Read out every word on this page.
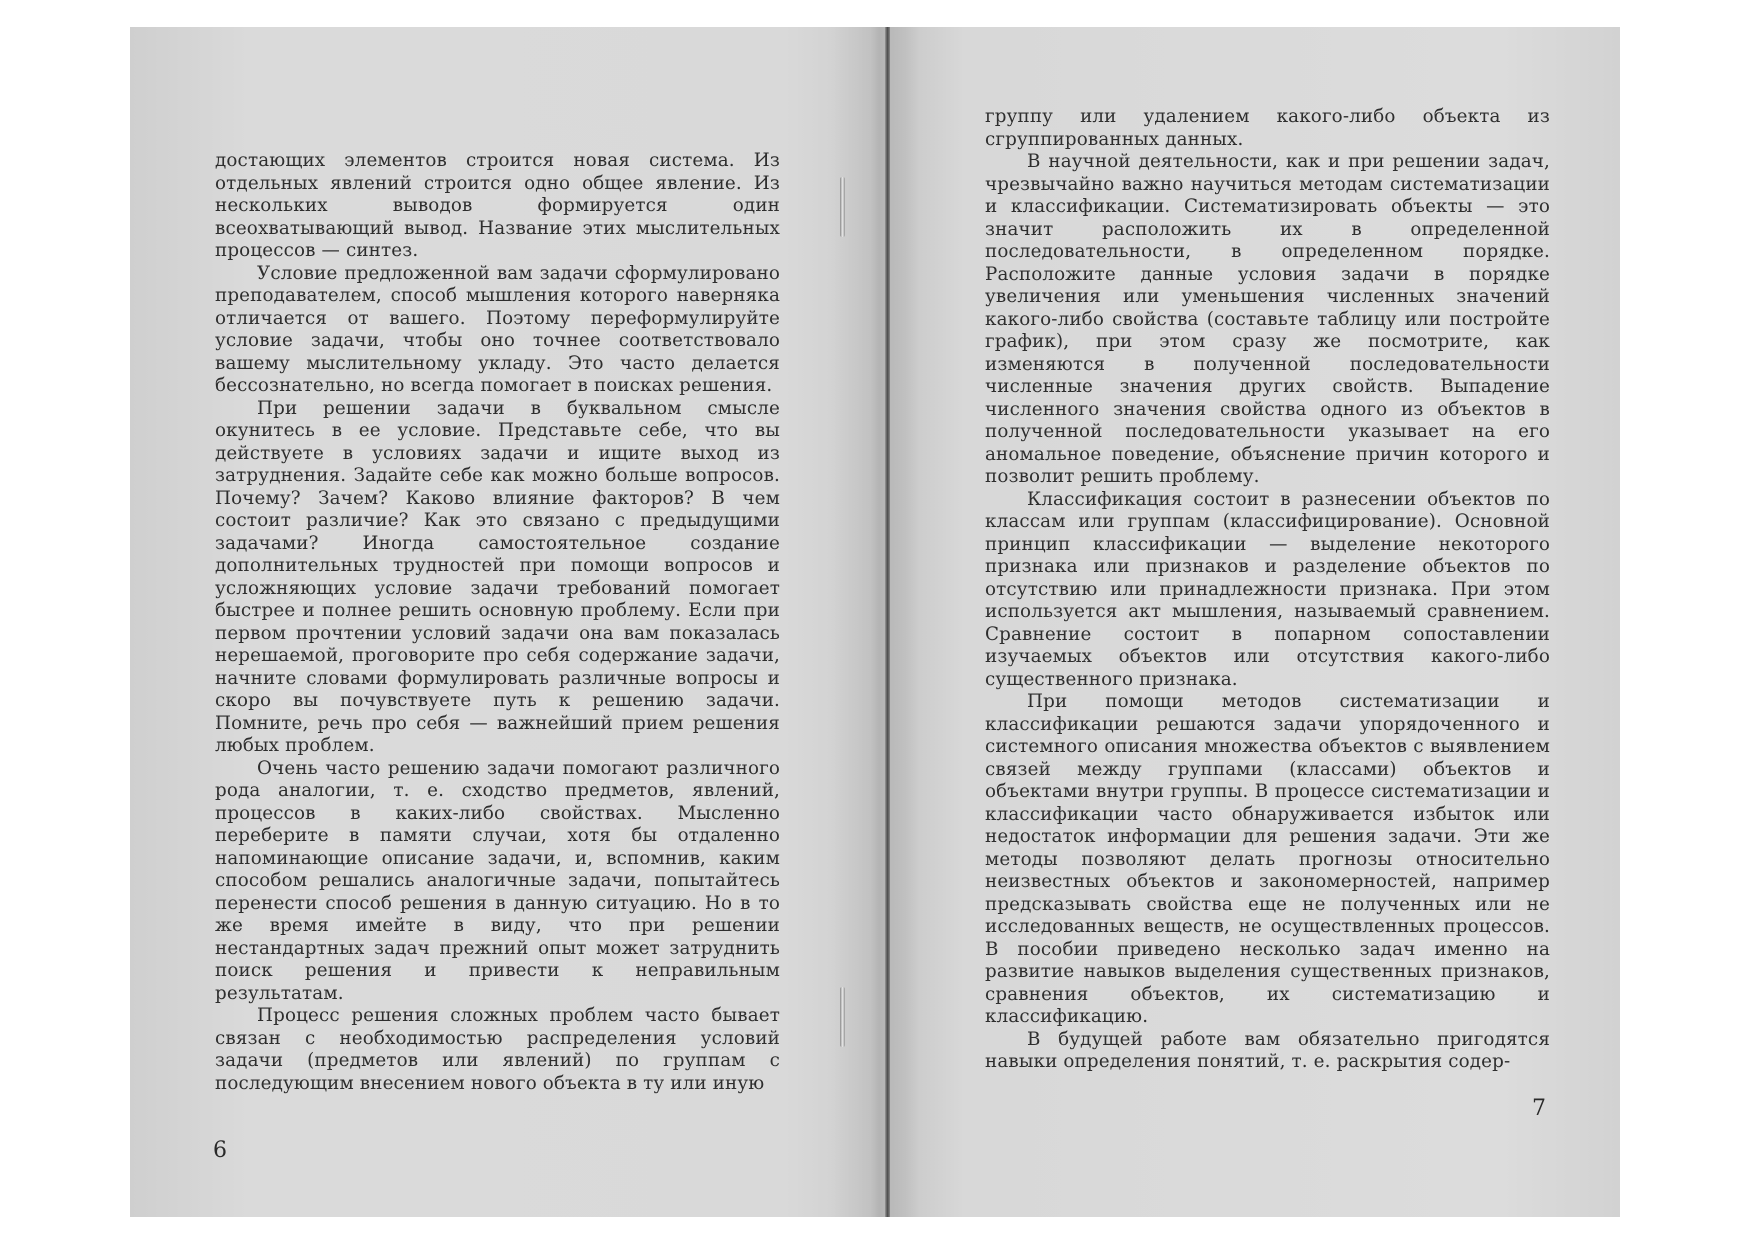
достающих элементов строится новая система. Из отдельных явлений строится одно общее явление. Из нескольких выводов формируется один всеохватывающий вывод. Название этих мыслительных процессов — синтез.

Условие предложенной вам задачи сформулировано преподавателем, способ мышления которого наверняка отличается от вашего. Поэтому переформулируйте условие задачи, чтобы оно точнее соответствовало вашему мыслительному укладу. Это часто делается бессознательно, но всегда помогает в поисках решения.

При решении задачи в буквальном смысле окунитесь в ее условие. Представьте себе, что вы действуете в условиях задачи и ищите выход из затруднения. Задайте себе как можно больше вопросов. Почему? Зачем? Каково влияние факторов? В чем состоит различие? Как это связано с предыдущими задачами? Иногда самостоятельное создание дополнительных трудностей при помощи вопросов и усложняющих условие задачи требований помогает быстрее и полнее решить основную проблему. Если при первом прочтении условий задачи она вам показалась нерешаемой, проговорите про себя содержание задачи, начните словами формулировать различные вопросы и скоро вы почувствуете путь к решению задачи. Помните, речь про себя — важнейший прием решения любых проблем.

Очень часто решению задачи помогают различного рода аналогии, т. е. сходство предметов, явлений, процессов в каких-либо свойствах. Мысленно переберите в памяти случаи, хотя бы отдаленно напоминающие описание задачи, и, вспомнив, каким способом решались аналогичные задачи, попытайтесь перенести способ решения в данную ситуацию. Но в то же время имейте в виду, что при решении нестандартных задач прежний опыт может затруднить поиск решения и привести к неправильным результатам.

Процесс решения сложных проблем часто бывает связан с необходимостью распределения условий задачи (предметов или явлений) по группам с последующим внесением нового объекта в ту или иную

6

группу или удалением какого-либо объекта из сгруппированных данных.

В научной деятельности, как и при решении задач, чрезвычайно важно научиться методам систематизации и классификации. Систематизировать объекты — это значит расположить их в определенной последовательности, в определенном порядке. Расположите данные условия задачи в порядке увеличения или уменьшения численных значений какого-либо свойства (составьте таблицу или постройте график), при этом сразу же посмотрите, как изменяются в полученной последовательности численные значения других свойств. Выпадение численного значения свойства одного из объектов в полученной последовательности указывает на его аномальное поведение, объяснение причин которого и позволит решить проблему.

Классификация состоит в разнесении объектов по классам или группам (классифицирование). Основной принцип классификации — выделение некоторого признака или признаков и разделение объектов по отсутствию или принадлежности признака. При этом используется акт мышления, называемый сравнением. Сравнение состоит в попарном сопоставлении изучаемых объектов или отсутствия какого-либо существенного признака.

При помощи методов систематизации и классификации решаются задачи упорядоченного и системного описания множества объектов с выявлением связей между группами (классами) объектов и объектами внутри группы. В процессе систематизации и классификации часто обнаруживается избыток или недостаток информации для решения задачи. Эти же методы позволяют делать прогнозы относительно неизвестных объектов и закономерностей, например предсказывать свойства еще не полученных или не исследованных веществ, не осуществленных процессов. В пособии приведено несколько задач именно на развитие навыков выделения существенных признаков, сравнения объектов, их систематизацию и классификацию.

В будущей работе вам обязательно пригодятся навыки определения понятий, т. е. раскрытия содер-

7
